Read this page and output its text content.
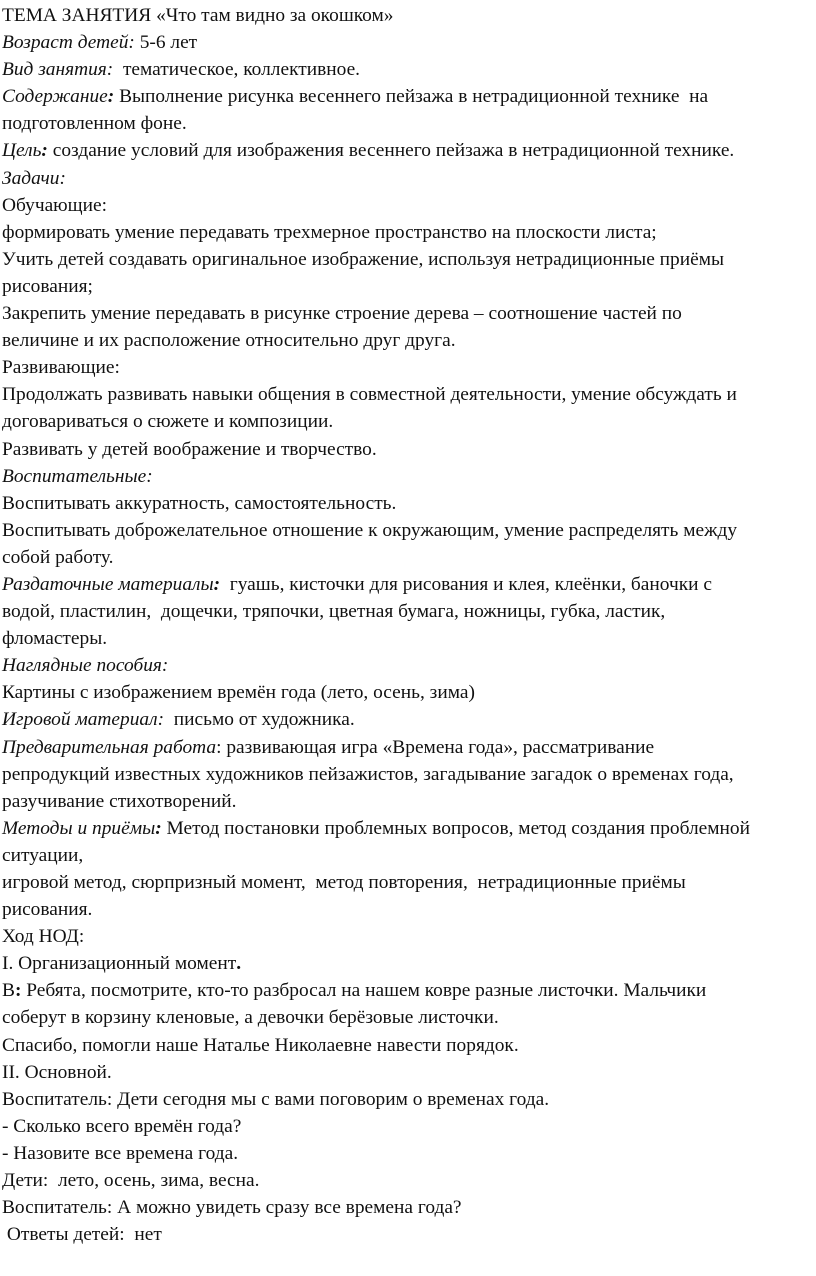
ТЕМА ЗАНЯТИЯ «Что там видно за окошком»

Возраст детей: 5-6 лет

Вид занятия:  тематическое, коллективное.

Содержание: Выполнение рисунка весеннего пейзажа в нетрадиционной технике  на

подготовленном фоне.

Цель: создание условий для изображения весеннего пейзажа в нетрадиционной технике.

Задачи:

Обучающие:

формировать умение передавать трехмерное пространство на плоскости листа;

Учить детей создавать оригинальное изображение, используя нетрадиционные приёмы

рисования;

Закрепить умение передавать в рисунке строение дерева – соотношение частей по

величине и их расположение относительно друг друга.

Развивающие:

Продолжать развивать навыки общения в совместной деятельности, умение обсуждать и

договариваться о сюжете и композиции.

Развивать у детей воображение и творчество.

Воспитательные:

Воспитывать аккуратность, самостоятельность.

Воспитывать доброжелательное отношение к окружающим, умение распределять между

собой работу.

Раздаточные материалы:  гуашь, кисточки для рисования и клея, клеёнки, баночки с

водой, пластилин,  дощечки, тряпочки, цветная бумага, ножницы, губка, ластик,

фломастеры.

Наглядные пособия:

Картины с изображением времён года (лето, осень, зима)

Игровой материал:  письмо от художника.

Предварительная работа: развивающая игра «Времена года», рассматривание

репродукций известных художников пейзажистов, загадывание загадок о временах года,

разучивание стихотворений.

Методы и приёмы: Метод постановки проблемных вопросов, метод создания проблемной

ситуации,

игровой метод, сюрпризный момент,  метод повторения,  нетрадиционные приёмы

рисования.

Ход НОД:

I. Организационный момент.

В: Ребята, посмотрите, кто-то разбросал на нашем ковре разные листочки. Мальчики

соберут в корзину кленовые, а девочки берёзовые листочки.

Спасибо, помогли наше Наталье Николаевне навести порядок.

II. Основной.

Воспитатель: Дети сегодня мы с вами поговорим о временах года.

- Сколько всего времён года?

- Назовите все времена года.

Дети:  лето, осень, зима, весна.

Воспитатель: А можно увидеть сразу все времена года?

Ответы детей:  нет
